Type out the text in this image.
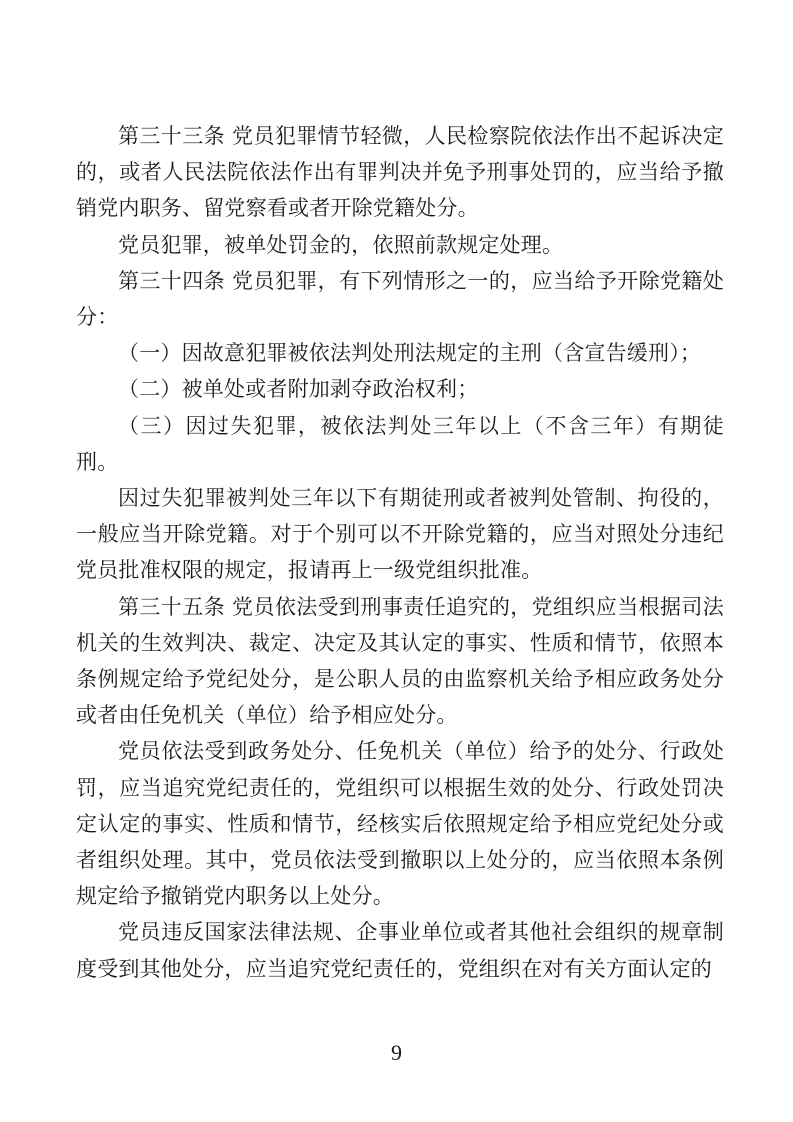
第三十三条 党员犯罪情节轻微，人民检察院依法作出不起诉决定的，或者人民法院依法作出有罪判决并免予刑事处罚的，应当给予撤销党内职务、留党察看或者开除党籍处分。

党员犯罪，被单处罚金的，依照前款规定处理。

第三十四条 党员犯罪，有下列情形之一的，应当给予开除党籍处分：

（一）因故意犯罪被依法判处刑法规定的主刑（含宣告缓刑）；

（二）被单处或者附加剥夺政治权利；

（三）因过失犯罪，被依法判处三年以上（不含三年）有期徒刑。

因过失犯罪被判处三年以下有期徒刑或者被判处管制、拘役的，一般应当开除党籍。对于个别可以不开除党籍的，应当对照处分违纪党员批准权限的规定，报请再上一级党组织批准。

第三十五条 党员依法受到刑事责任追究的，党组织应当根据司法机关的生效判决、裁定、决定及其认定的事实、性质和情节，依照本条例规定给予党纪处分，是公职人员的由监察机关给予相应政务处分或者由任免机关（单位）给予相应处分。

党员依法受到政务处分、任免机关（单位）给予的处分、行政处罚，应当追究党纪责任的，党组织可以根据生效的处分、行政处罚决定认定的事实、性质和情节，经核实后依照规定给予相应党纪处分或者组织处理。其中，党员依法受到撤职以上处分的，应当依照本条例规定给予撤销党内职务以上处分。

党员违反国家法律法规、企事业单位或者其他社会组织的规章制度受到其他处分，应当追究党纪责任的，党组织在对有关方面认定的

9
